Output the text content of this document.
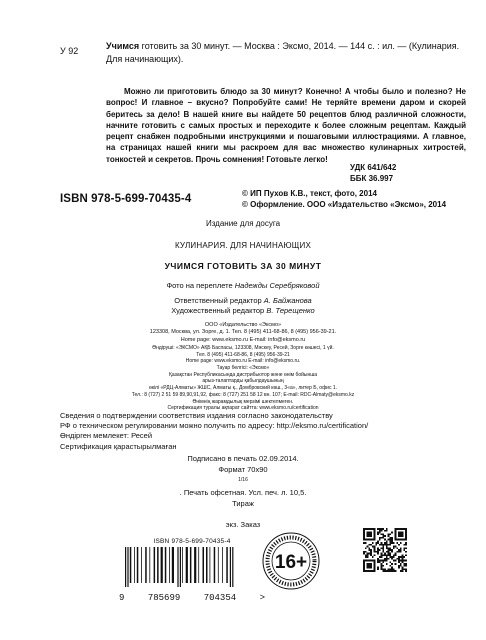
У 92	Учимся готовить за 30 минут. — Москва : Эксмо, 2014. — 144 с. : ил. — (Кулинария. Для начинающих).
Можно ли приготовить блюдо за 30 минут? Конечно! А чтобы было и полезно? Не вопрос! И главное – вкусно? Попробуйте сами! Не теряйте времени даром и скорей беритесь за дело! В нашей книге вы найдете 50 рецептов блюд различной сложности, начните готовить с самых простых и переходите к более сложным рецептам. Каждый рецепт снабжен подробными инструкциями и пошаговыми иллюстрациями. А главное, на страницах нашей книги мы раскроем для вас множество кулинарных хитростей, тонкостей и секретов. Прочь сомнения! Готовьте легко!
УДК 641/642
ББК 36.997
ISBN 978-5-699-70435-4	© ИП Пухов К.В., текст, фото, 2014
© Оформление. ООО «Издательство «Эксмо», 2014
Издание для досуга
КУЛИНАРИЯ. ДЛЯ НАЧИНАЮЩИХ
УЧИМСЯ ГОТОВИТЬ ЗА 30 МИНУТ
Фото на переплете Надежды Серебряковой
Ответственный редактор А. Байжанова
Художественный редактор В. Терещенко
ООО «Издательство «Эксмо»
123308, Москва, ул. Зорге, д. 1. Тел. 8 (495) 411-68-86, 8 (495) 956-39-21.
Home page: www.eksmo.ru E-mail: info@eksmo.ru
Өндіруші: «ЭКСМО» АҚБ Баспасы, 123308, Мәскеу, Ресей, Зорге көшесі, 1 үй.
Тел. 8 (495) 411-68-86, 8 (495) 956-39-21
Home page: www.eksmo.ru E-mail: info@eksmo.ru.
Тауар белгісі: «Эксмо»
Қазақстан Республикасында дистрибьютор және өнім бойынша
арыз-талаптарды қабылдаушының
өкілі «РДЦ-Алматы» ЖШС, Алматы қ., Домбровский көш., 3«а», литер Б, офис 1.
Тел.: 8 (727) 2 51 59 89,90,91,92, факс: 8 (727) 251 58 12 вн. 107; E-mail: RDC-Almaty@eksmo.kz
Өнімнің жарамдылық мерзімі шектелмеген.
Сертификация туралы ақпарат сайтта: www.eksmo.ru/certification
Сведения о подтверждении соответствия издания согласно законодательству
РФ о техническом регулировании можно получить по адресу: http://eksmo.ru/certification/
Өндірген мемлекет: Ресей
Сертификация қарастырылмаған
Подписано в печать 02.09.2014.
Формат 70х90
$^{1/16}$
. Печать офсетная. Усл. печ. л. 10,5.
Тираж

экз. Заказ
ISBN 978-5-699-70435-4
9	785699	704354	>
16+
